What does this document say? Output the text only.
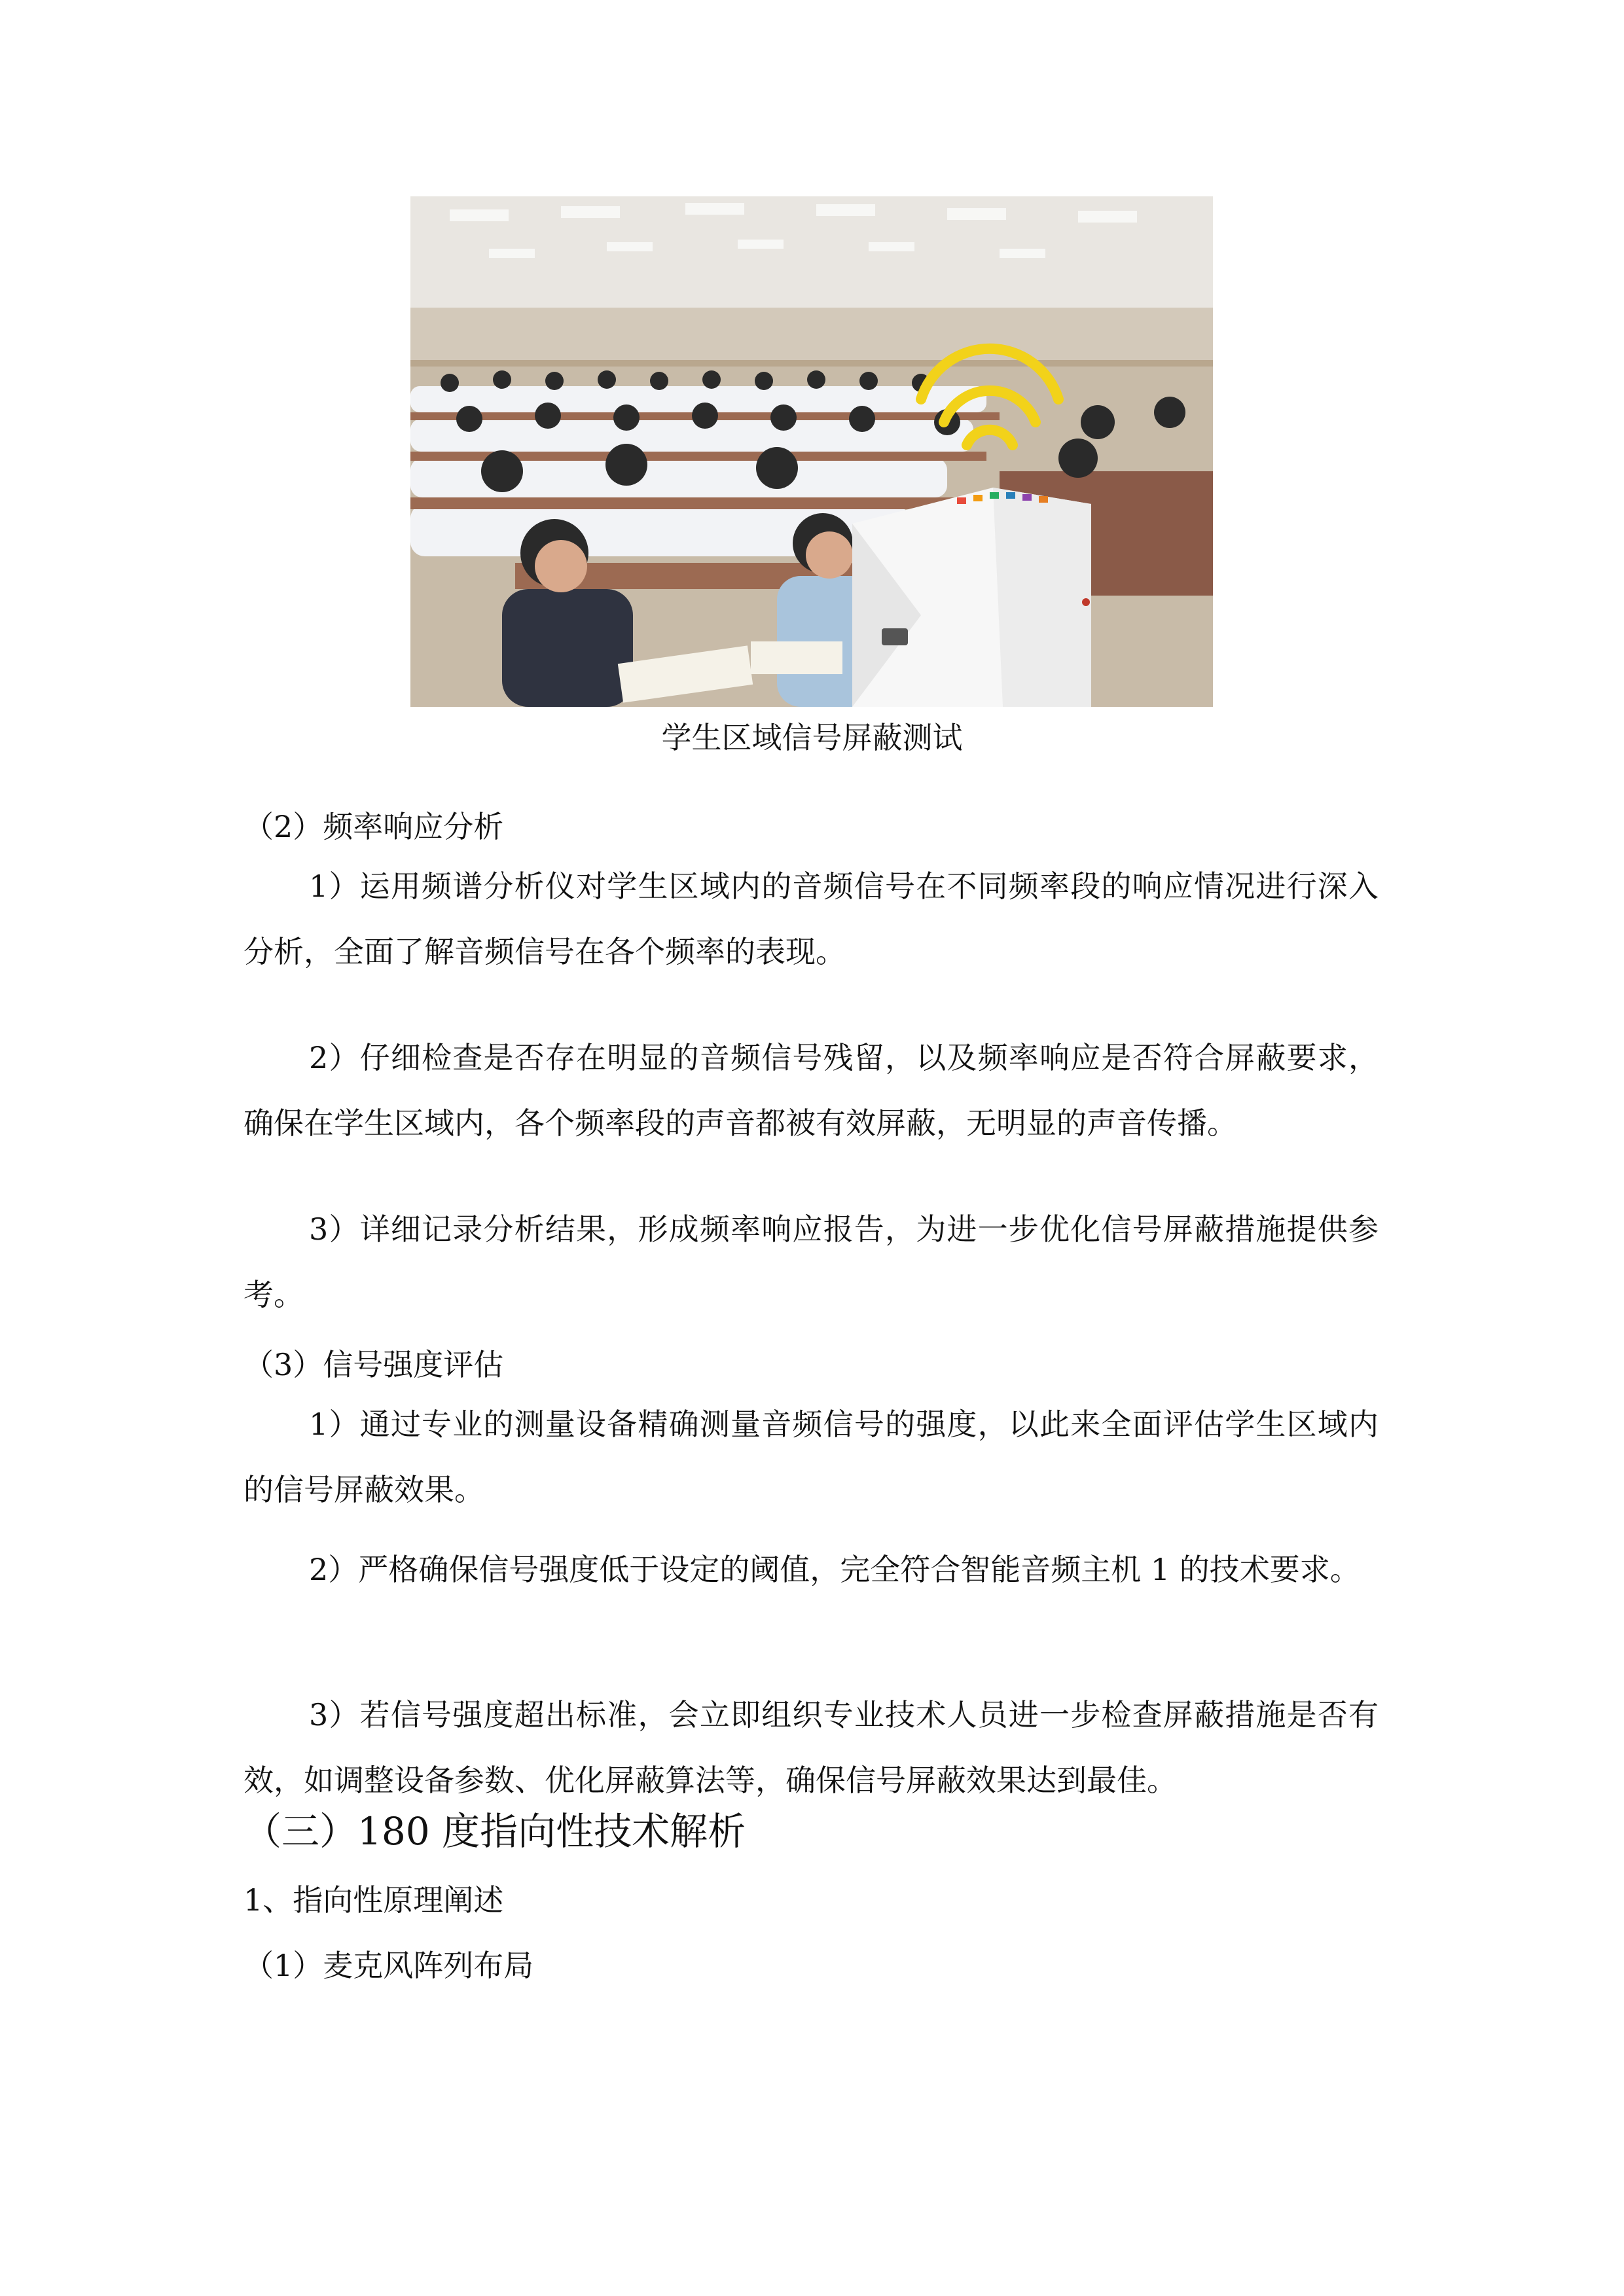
学生区域信号屏蔽测试
（2）频率响应分析
1）运用频谱分析仪对学生区域内的音频信号在不同频率段的响应情况进行深入分析，全面了解音频信号在各个频率的表现。
2）仔细检查是否存在明显的音频信号残留，以及频率响应是否符合屏蔽要求，确保在学生区域内，各个频率段的声音都被有效屏蔽，无明显的声音传播。
3）详细记录分析结果，形成频率响应报告，为进一步优化信号屏蔽措施提供参考。
（3）信号强度评估
1）通过专业的测量设备精确测量音频信号的强度，以此来全面评估学生区域内的信号屏蔽效果。
2）严格确保信号强度低于设定的阈值，完全符合智能音频主机 1 的技术要求。
3）若信号强度超出标准，会立即组织专业技术人员进一步检查屏蔽措施是否有效，如调整设备参数、优化屏蔽算法等，确保信号屏蔽效果达到最佳。
（三）180 度指向性技术解析
1、指向性原理阐述
（1）麦克风阵列布局
